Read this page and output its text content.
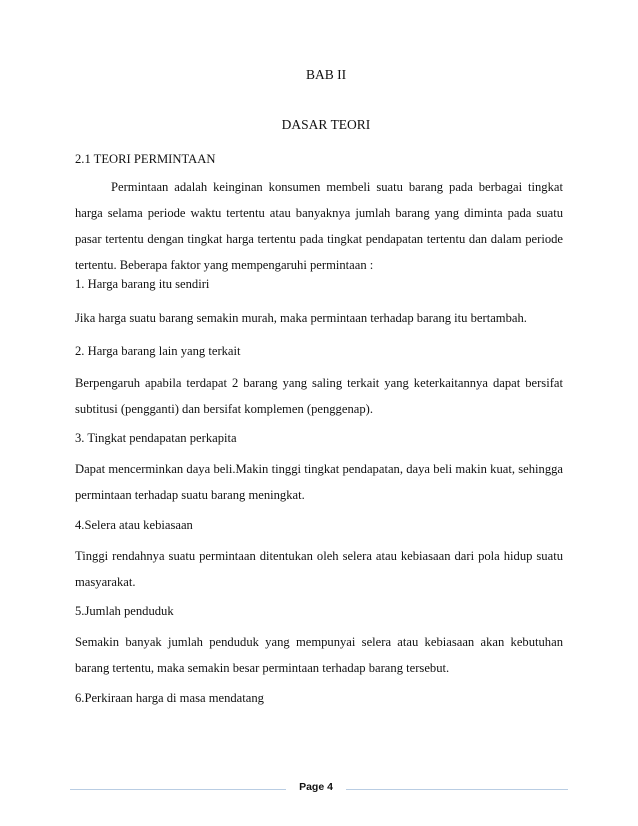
BAB II
DASAR TEORI
2.1 TEORI PERMINTAAN
Permintaan adalah keinginan konsumen membeli suatu barang pada berbagai tingkat
harga selama periode waktu tertentu atau banyaknya jumlah barang yang diminta pada suatu
pasar tertentu dengan tingkat harga tertentu pada tingkat pendapatan tertentu dan dalam periode
tertentu. Beberapa faktor yang mempengaruhi permintaan :
1. Harga barang itu sendiri
Jika harga suatu barang semakin murah, maka permintaan terhadap barang itu bertambah.
2. Harga barang lain yang terkait
Berpengaruh apabila terdapat 2 barang yang saling terkait yang keterkaitannya dapat bersifat
subtitusi (pengganti) dan bersifat komplemen (penggenap).
3. Tingkat pendapatan perkapita
Dapat mencerminkan daya beli.Makin tinggi tingkat pendapatan, daya beli makin kuat, sehingga
permintaan terhadap suatu barang meningkat.
4.Selera atau kebiasaan
Tinggi rendahnya suatu permintaan ditentukan oleh selera atau kebiasaan dari pola hidup suatu
masyarakat.
5.Jumlah penduduk
Semakin banyak jumlah penduduk yang mempunyai selera atau kebiasaan akan kebutuhan
barang tertentu, maka semakin besar permintaan terhadap barang tersebut.
6.Perkiraan harga di masa mendatang
Page 4
